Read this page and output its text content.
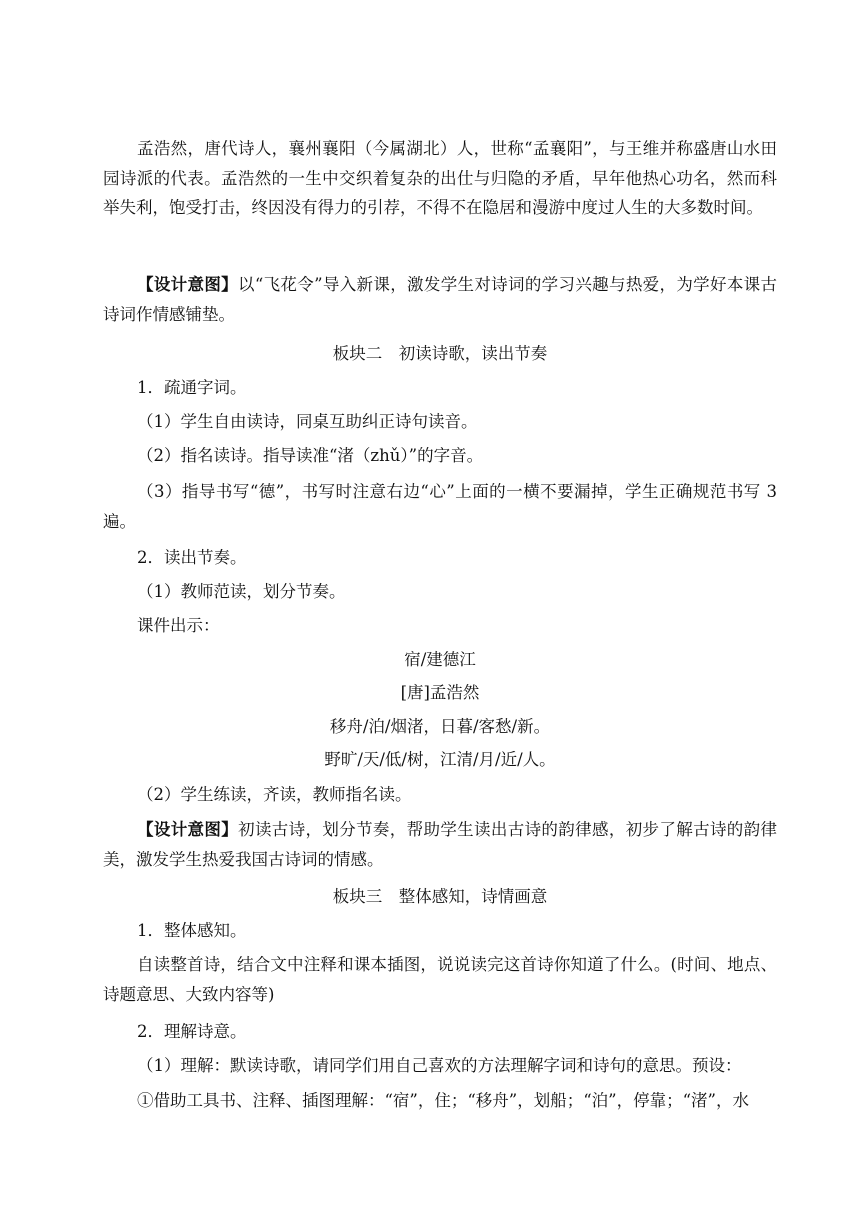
孟浩然，唐代诗人，襄州襄阳（今属湖北）人，世称“孟襄阳”，与王维并称盛唐山水田园诗派的代表。孟浩然的一生中交织着复杂的出仕与归隐的矛盾，早年他热心功名，然而科举失利，饱受打击，终因没有得力的引荐，不得不在隐居和漫游中度过人生的大多数时间。

【设计意图】以“飞花令”导入新课，激发学生对诗词的学习兴趣与热爱，为学好本课古诗词作情感铺垫。

板块二　初读诗歌，读出节奏

1．疏通字词。

（1）学生自由读诗，同桌互助纠正诗句读音。

（2）指名读诗。指导读准“渚（zhǔ）”的字音。

（3）指导书写“德”，书写时注意右边“心”上面的一横不要漏掉，学生正确规范书写 3 遍。

2．读出节奏。

（1）教师范读，划分节奏。

课件出示：

宿/建德江

[唐]孟浩然

移舟/泊/烟渚，日暮/客愁/新。

野旷/天/低/树，江清/月/近/人。

（2）学生练读，齐读，教师指名读。

【设计意图】初读古诗，划分节奏，帮助学生读出古诗的韵律感，初步了解古诗的韵律美，激发学生热爱我国古诗词的情感。

板块三　整体感知，诗情画意

1．整体感知。

自读整首诗，结合文中注释和课本插图，说说读完这首诗你知道了什么。(时间、地点、诗题意思、大致内容等)

2．理解诗意。

（1）理解：默读诗歌，请同学们用自己喜欢的方法理解字词和诗句的意思。预设：

①借助工具书、注释、插图理解：“宿”，住；“移舟”，划船；“泊”，停靠；“渚”，水
